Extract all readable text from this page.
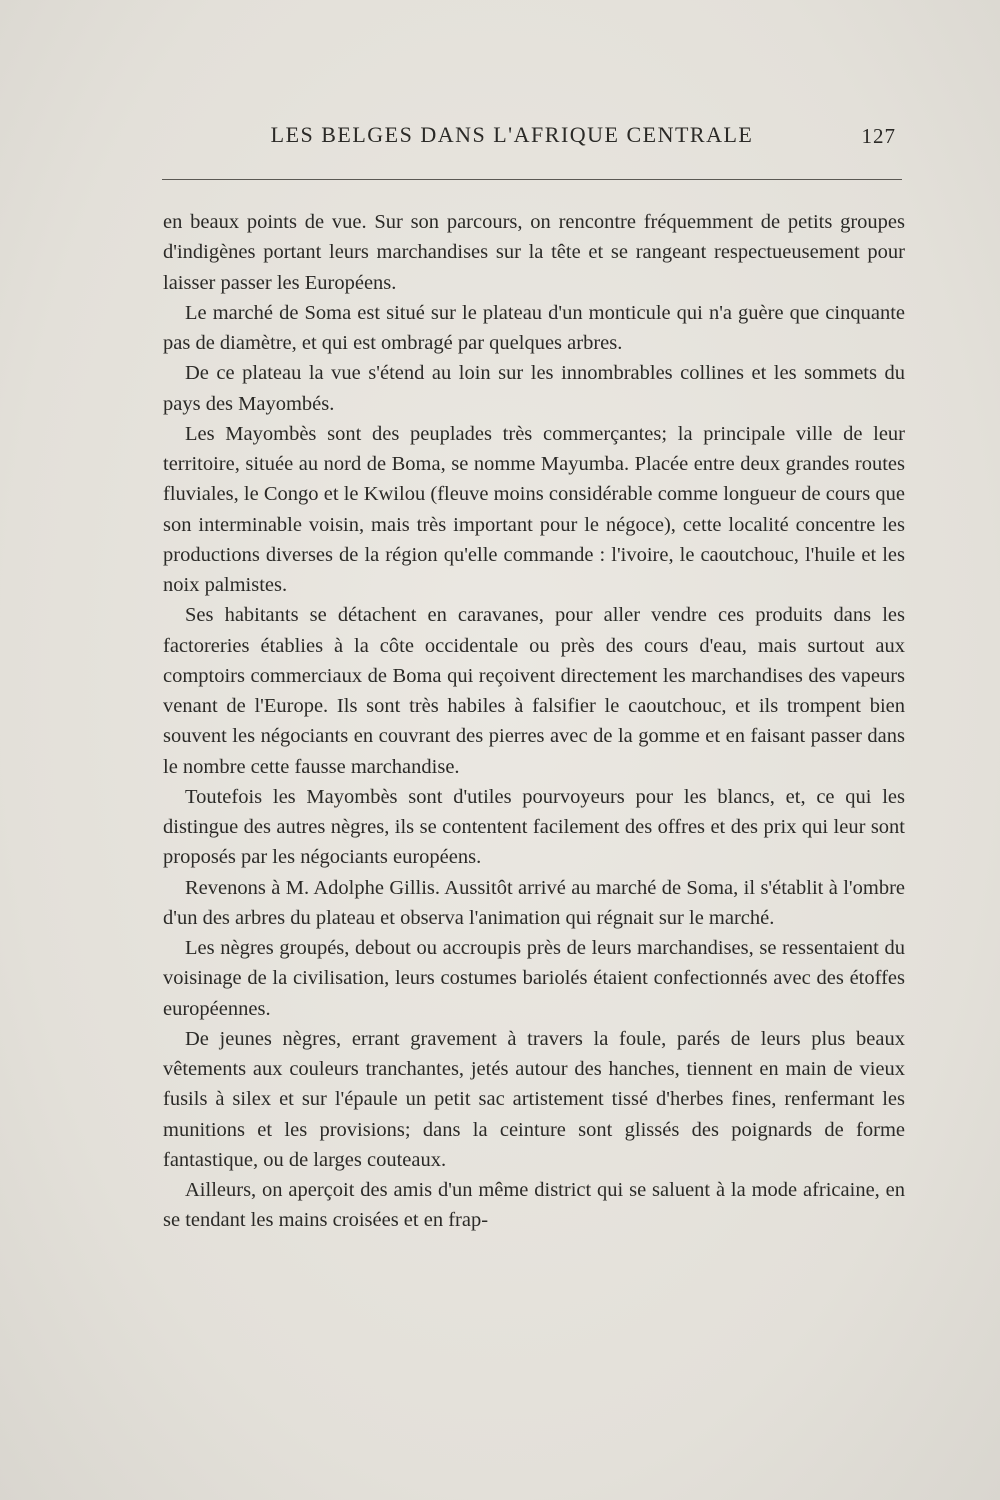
LES BELGES DANS L'AFRIQUE CENTRALE	127

en beaux points de vue. Sur son parcours, on rencontre fréquemment de petits groupes d'indigènes portant leurs marchandises sur la tête et se rangeant respectueusement pour laisser passer les Européens.

Le marché de Soma est situé sur le plateau d'un monticule qui n'a guère que cinquante pas de diamètre, et qui est ombragé par quelques arbres.

De ce plateau la vue s'étend au loin sur les innombrables collines et les sommets du pays des Mayombés.

Les Mayombès sont des peuplades très commerçantes; la principale ville de leur territoire, située au nord de Boma, se nomme Mayumba. Placée entre deux grandes routes fluviales, le Congo et le Kwilou (fleuve moins considérable comme longueur de cours que son interminable voisin, mais très important pour le négoce), cette localité concentre les productions diverses de la région qu'elle commande : l'ivoire, le caoutchouc, l'huile et les noix palmistes.

Ses habitants se détachent en caravanes, pour aller vendre ces produits dans les factoreries établies à la côte occidentale ou près des cours d'eau, mais surtout aux comptoirs commerciaux de Boma qui reçoivent directement les marchandises des vapeurs venant de l'Europe. Ils sont très habiles à falsifier le caoutchouc, et ils trompent bien souvent les négociants en couvrant des pierres avec de la gomme et en faisant passer dans le nombre cette fausse marchandise.

Toutefois les Mayombès sont d'utiles pourvoyeurs pour les blancs, et, ce qui les distingue des autres nègres, ils se contentent facilement des offres et des prix qui leur sont proposés par les négociants européens.

Revenons à M. Adolphe Gillis. Aussitôt arrivé au marché de Soma, il s'établit à l'ombre d'un des arbres du plateau et observa l'animation qui régnait sur le marché.

Les nègres groupés, debout ou accroupis près de leurs marchandises, se ressentaient du voisinage de la civilisation, leurs costumes bariolés étaient confectionnés avec des étoffes européennes.

De jeunes nègres, errant gravement à travers la foule, parés de leurs plus beaux vêtements aux couleurs tranchantes, jetés autour des hanches, tiennent en main de vieux fusils à silex et sur l'épaule un petit sac artistement tissé d'herbes fines, renfermant les munitions et les provisions; dans la ceinture sont glissés des poignards de forme fantastique, ou de larges couteaux.

Ailleurs, on aperçoit des amis d'un même district qui se saluent à la mode africaine, en se tendant les mains croisées et en frap-
